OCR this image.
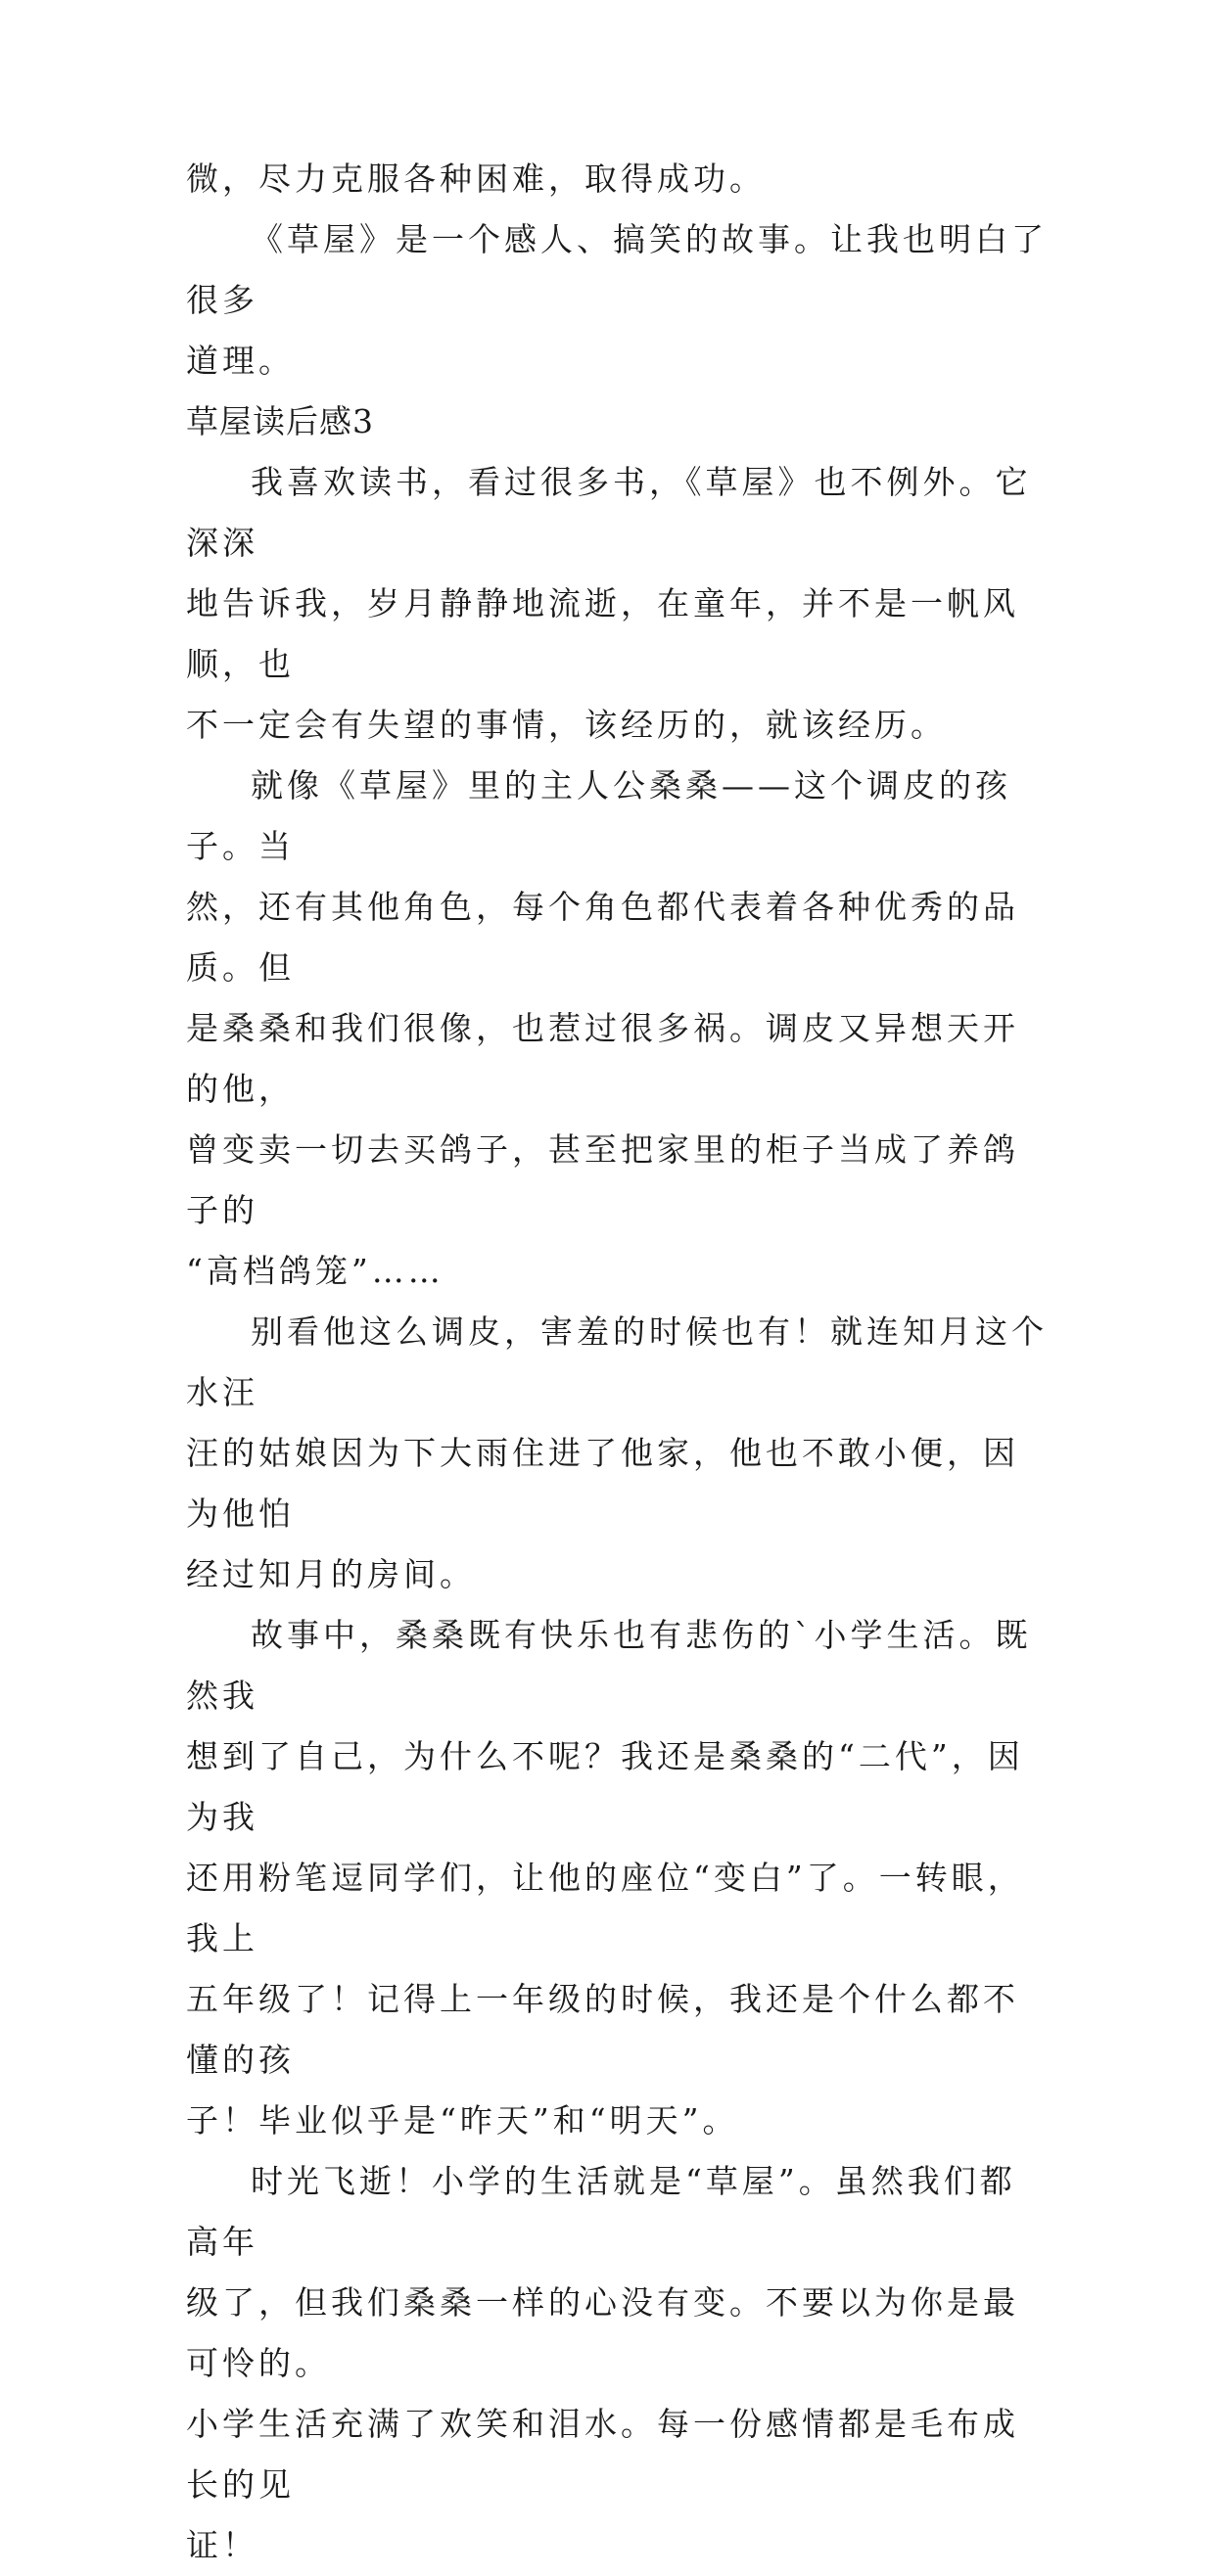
微，尽力克服各种困难，取得成功。

《草屋》是一个感人、搞笑的故事。让我也明白了很多
道理。

草屋读后感3

我喜欢读书，看过很多书，《草屋》也不例外。它深深
地告诉我，岁月静静地流逝，在童年，并不是一帆风顺，也
不一定会有失望的事情，该经历的，就该经历。

就像《草屋》里的主人公桑桑——这个调皮的孩子。当
然，还有其他角色，每个角色都代表着各种优秀的品质。但
是桑桑和我们很像，也惹过很多祸。调皮又异想天开的他，
曾变卖一切去买鸽子，甚至把家里的柜子当成了养鸽子的
“高档鸽笼”……

别看他这么调皮，害羞的时候也有！就连知月这个水汪
汪的姑娘因为下大雨住进了他家，他也不敢小便，因为他怕
经过知月的房间。

故事中，桑桑既有快乐也有悲伤的`小学生活。既然我
想到了自己，为什么不呢？我还是桑桑的“二代”，因为我
还用粉笔逗同学们，让他的座位“变白”了。一转眼，我上
五年级了！记得上一年级的时候，我还是个什么都不懂的孩
子！毕业似乎是“昨天”和“明天”。

时光飞逝！小学的生活就是“草屋”。虽然我们都高年
级了，但我们桑桑一样的心没有变。不要以为你是最可怜的。
小学生活充满了欢笑和泪水。每一份感情都是毛布成长的见
证！
